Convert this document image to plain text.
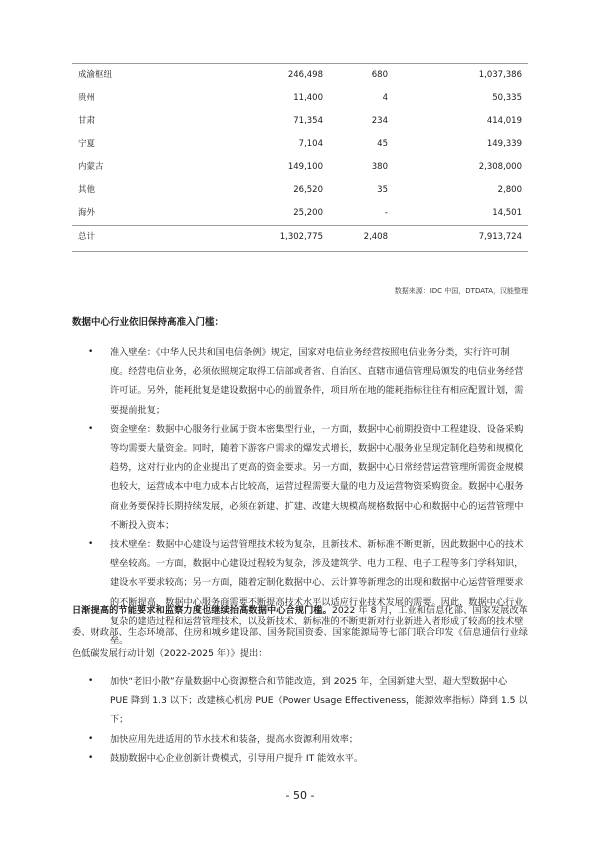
成渝枢纽	246,498	680	1,037,386
贵州	11,400	4	50,335
甘肃	71,354	234	414,019
宁夏	7,104	45	149,339
内蒙古	149,100	380	2,308,000
其他	26,520	35	2,800
海外	25,200	-	14,501
总计	1,302,775	2,408	7,913,724
数据来源：IDC 中国，DTDATA，汉能整理
数据中心行业依旧保持高准入门槛：
• 准入壁垒：《中华人民共和国电信条例》规定，国家对电信业务经营按照电信业务分类，实行许可制度。经营电信业务，必须依照规定取得工信部或者省、自治区、直辖市通信管理局颁发的电信业务经营许可证。另外，能耗批复是建设数据中心的前置条件，项目所在地的能耗指标往往有相应配置计划，需要提前批复；
• 资金壁垒：数据中心服务行业属于资本密集型行业，一方面，数据中心前期投资中工程建设、设备采购等均需要大量资金。同时，随着下游客户需求的爆发式增长，数据中心服务业呈现定制化趋势和规模化趋势，这对行业内的企业提出了更高的资金要求。另一方面，数据中心日常经营运营管理所需资金规模也较大，运营成本中电力成本占比较高，运营过程需要大量的电力及运营物资采购资金。数据中心服务商业务要保持长期持续发展，必须在新建、扩建、改建大规模高规格数据中心和数据中心的运营管理中不断投入资本；
• 技术壁垒：数据中心建设与运营管理技术较为复杂，且新技术、新标准不断更新，因此数据中心的技术壁垒较高。一方面，数据中心建设过程较为复杂，涉及建筑学、电力工程、电子工程等多门学科知识，建设水平要求较高；另一方面，随着定制化数据中心、云计算等新理念的出现和数据中心运营管理要求的不断提高，数据中心服务商需要不断提高技术水平以适应行业技术发展的需要。因此，数据中心行业复杂的建造过程和运营管理技术，以及新技术、新标准的不断更新对行业新进入者形成了较高的技术壁垒。
日渐提高的节能要求和监察力度也继续抬高数据中心合规门槛。2022 年 8 月，工业和信息化部、国家发展改革委、财政部、生态环境部、住房和城乡建设部、国务院国资委、国家能源局等七部门联合印发《信息通信行业绿色低碳发展行动计划（2022-2025 年）》提出：
• 加快“老旧小散”存量数据中心资源整合和节能改造，到 2025 年，全国新建大型、超大型数据中心 PUE 降到 1.3 以下；改建核心机房 PUE（Power Usage Effectiveness，能源效率指标）降到 1.5 以下；
• 加快应用先进适用的节水技术和装备，提高水资源利用效率；
• 鼓励数据中心企业创新计费模式，引导用户提升 IT 能效水平。
- 50 -
